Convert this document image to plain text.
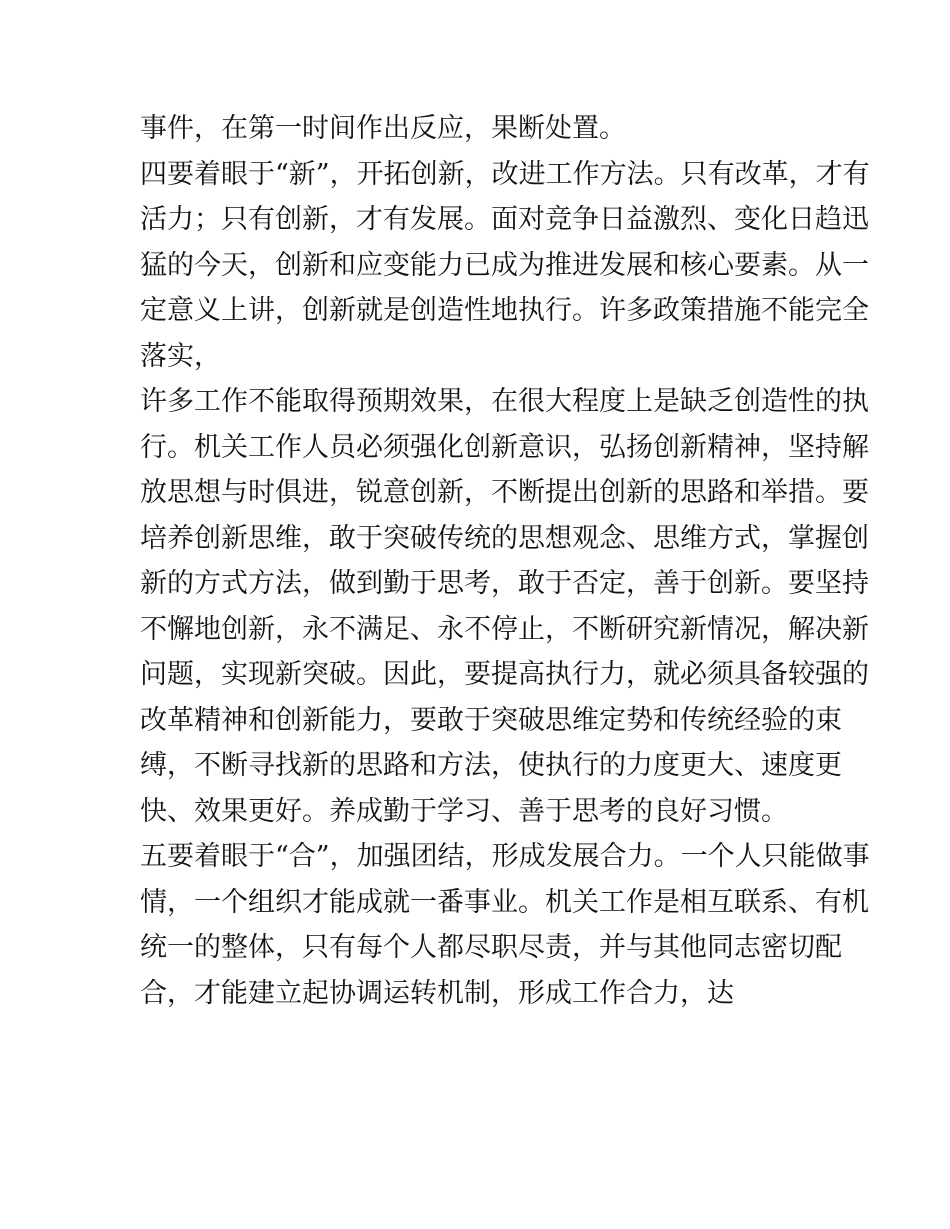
事件，在第一时间作出反应，果断处置。
四要着眼于“新”，开拓创新，改进工作方法。只有改革，才有
活力；只有创新，才有发展。面对竞争日益激烈、变化日趋迅
猛的今天，创新和应变能力已成为推进发展和核心要素。从一
定意义上讲，创新就是创造性地执行。许多政策措施不能完全
落实，
许多工作不能取得预期效果，在很大程度上是缺乏创造性的执
行。机关工作人员必须强化创新意识，弘扬创新精神，坚持解
放思想与时俱进，锐意创新，不断提出创新的思路和举措。要
培养创新思维，敢于突破传统的思想观念、思维方式，掌握创
新的方式方法，做到勤于思考，敢于否定，善于创新。要坚持
不懈地创新，永不满足、永不停止，不断研究新情况，解决新
问题，实现新突破。因此，要提高执行力，就必须具备较强的
改革精神和创新能力，要敢于突破思维定势和传统经验的束
缚，不断寻找新的思路和方法，使执行的力度更大、速度更
快、效果更好。养成勤于学习、善于思考的良好习惯。
五要着眼于“合”，加强团结，形成发展合力。一个人只能做事
情，一个组织才能成就一番事业。机关工作是相互联系、有机
统一的整体，只有每个人都尽职尽责，并与其他同志密切配
合，才能建立起协调运转机制，形成工作合力，达
